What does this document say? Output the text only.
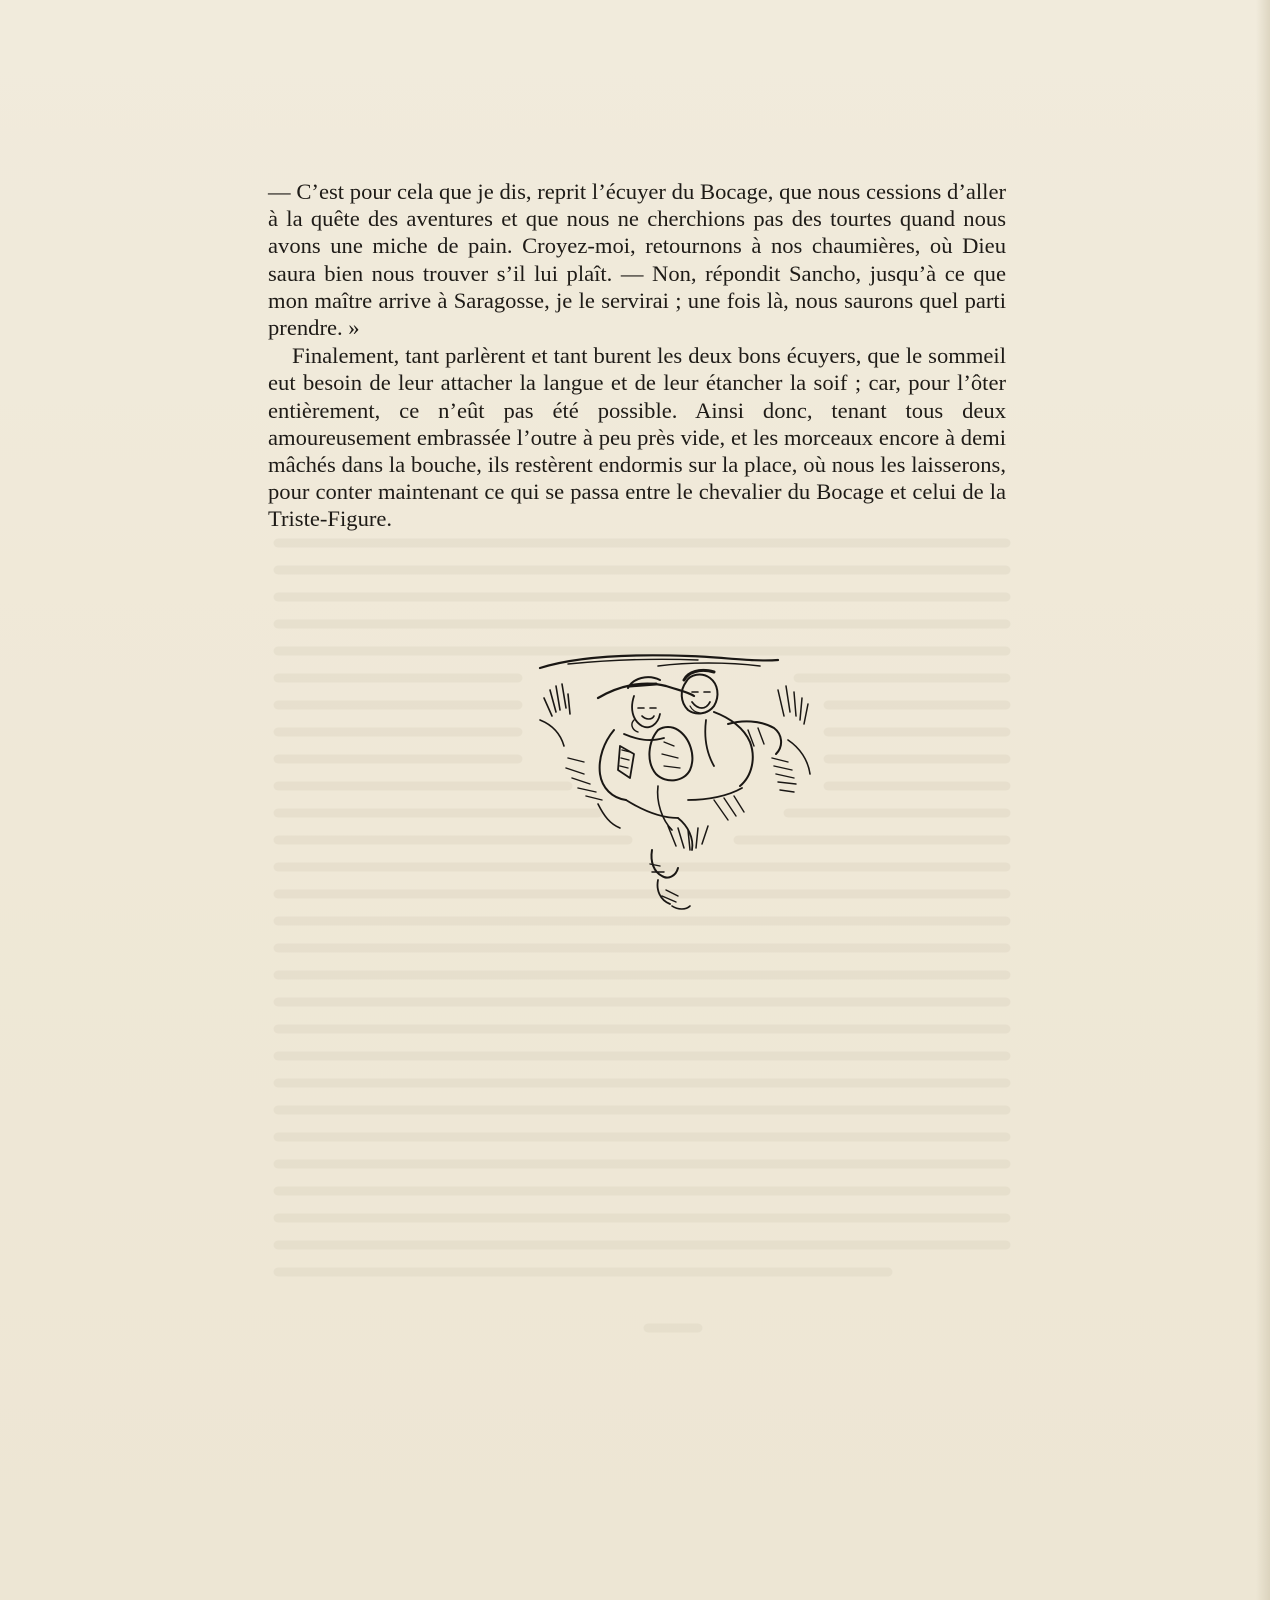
— C’est pour cela que je dis, reprit l’écuyer du Bocage, que nous cessions d’aller à la quête des aventures et que nous ne cherchions pas des tourtes quand nous avons une miche de pain. Croyez-moi, retournons à nos chaumières, où Dieu saura bien nous trouver s’il lui plaît. — Non, répondit Sancho, jusqu’à ce que mon maître arrive à Saragosse, je le servirai ; une fois là, nous saurons quel parti prendre. »

Finalement, tant parlèrent et tant burent les deux bons écuyers, que le sommeil eut besoin de leur attacher la langue et de leur étancher la soif ; car, pour l’ôter entièrement, ce n’eût pas été possible. Ainsi donc, tenant tous deux amoureusement embrassée l’outre à peu près vide, et les morceaux encore à demi mâchés dans la bouche, ils restèrent endormis sur la place, où nous les laisserons, pour conter maintenant ce qui se passa entre le chevalier du Bocage et celui de la Triste-Figure.
